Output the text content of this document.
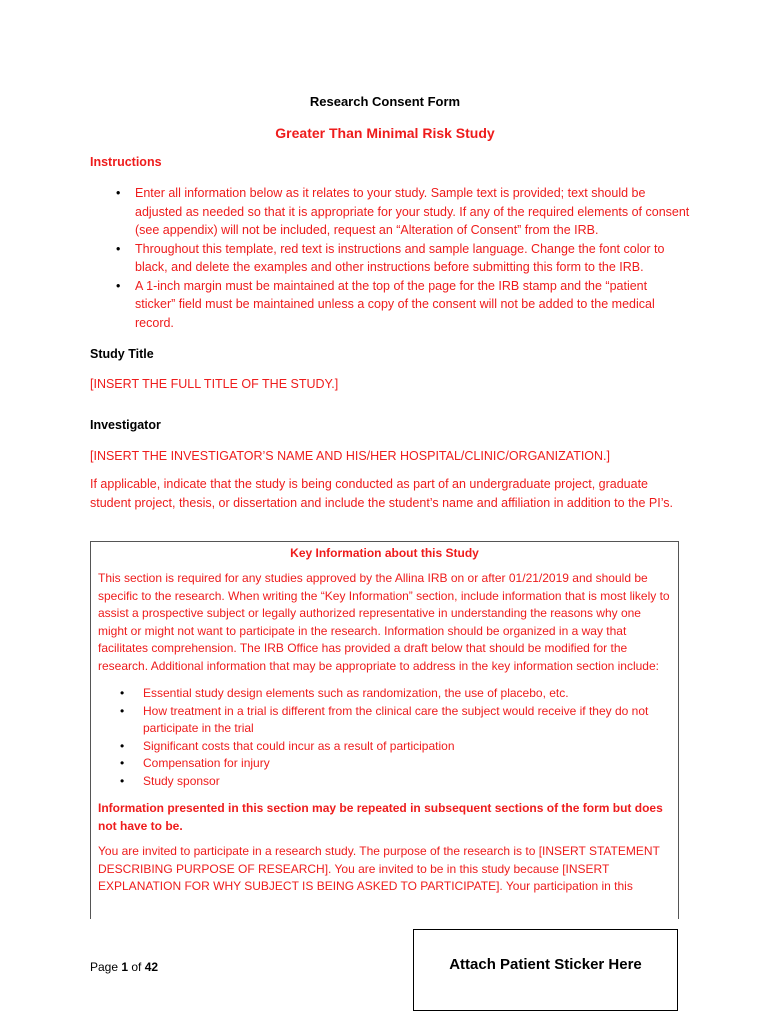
Research Consent Form
Greater Than Minimal Risk Study
Instructions
• Enter all information below as it relates to your study. Sample text is provided; text should be adjusted as needed so that it is appropriate for your study. If any of the required elements of consent (see appendix) will not be included, request an “Alteration of Consent” from the IRB.
• Throughout this template, red text is instructions and sample language. Change the font color to black, and delete the examples and other instructions before submitting this form to the IRB.
• A 1-inch margin must be maintained at the top of the page for the IRB stamp and the “patient sticker” field must be maintained unless a copy of the consent will not be added to the medical record.
Study Title
[INSERT THE FULL TITLE OF THE STUDY.]
Investigator
[INSERT THE INVESTIGATOR’S NAME AND HIS/HER HOSPITAL/CLINIC/ORGANIZATION.]
If applicable, indicate that the study is being conducted as part of an undergraduate project, graduate student project, thesis, or dissertation and include the student’s name and affiliation in addition to the PI’s.
Key Information about this Study

This section is required for any studies approved by the Allina IRB on or after 01/21/2019 and should be specific to the research. When writing the “Key Information” section, include information that is most likely to assist a prospective subject or legally authorized representative in understanding the reasons why one might or might not want to participate in the research. Information should be organized in a way that facilitates comprehension. The IRB Office has provided a draft below that should be modified for the research. Additional information that may be appropriate to address in the key information section include:

• Essential study design elements such as randomization, the use of placebo, etc.
• How treatment in a trial is different from the clinical care the subject would receive if they do not participate in the trial
• Significant costs that could incur as a result of participation
• Compensation for injury
• Study sponsor

Information presented in this section may be repeated in subsequent sections of the form but does not have to be.

You are invited to participate in a research study. The purpose of the research is to [INSERT STATEMENT DESCRIBING PURPOSE OF RESEARCH]. You are invited to be in this study because [INSERT EXPLANATION FOR WHY SUBJECT IS BEING ASKED TO PARTICIPATE]. Your participation in this

Page 1 of 42	Attach Patient Sticker Here
